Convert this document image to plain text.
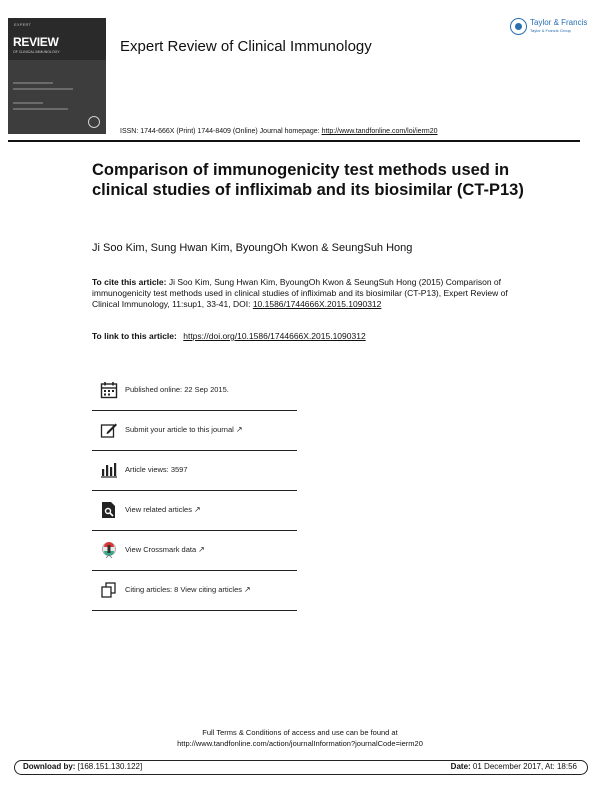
EXPERT
REVIEW
OF CLINICAL IMMUNOLOGY
Taylor & Francis
Taylor & Francis Group
Expert Review of Clinical Immunology
ISSN: 1744-666X (Print) 1744-8409 (Online) Journal homepage: http://www.tandfonline.com/loi/ierm20
Comparison of immunogenicity test methods used in clinical studies of infliximab and its biosimilar (CT-P13)
Ji Soo Kim, Sung Hwan Kim, ByoungOh Kwon & SeungSuh Hong
To cite this article: Ji Soo Kim, Sung Hwan Kim, ByoungOh Kwon & SeungSuh Hong (2015) Comparison of immunogenicity test methods used in clinical studies of infliximab and its biosimilar (CT-P13), Expert Review of Clinical Immunology, 11:sup1, 33-41, DOI: 10.1586/1744666X.2015.1090312
To link to this article: https://doi.org/10.1586/1744666X.2015.1090312
Published online: 22 Sep 2015.
Submit your article to this journal ↗
Article views: 3597
View related articles ↗
View Crossmark data ↗
Citing articles: 8 View citing articles ↗
Full Terms & Conditions of access and use can be found at
http://www.tandfonline.com/action/journalInformation?journalCode=ierm20
Download by: [168.151.130.122]	Date: 01 December 2017, At: 18:56
